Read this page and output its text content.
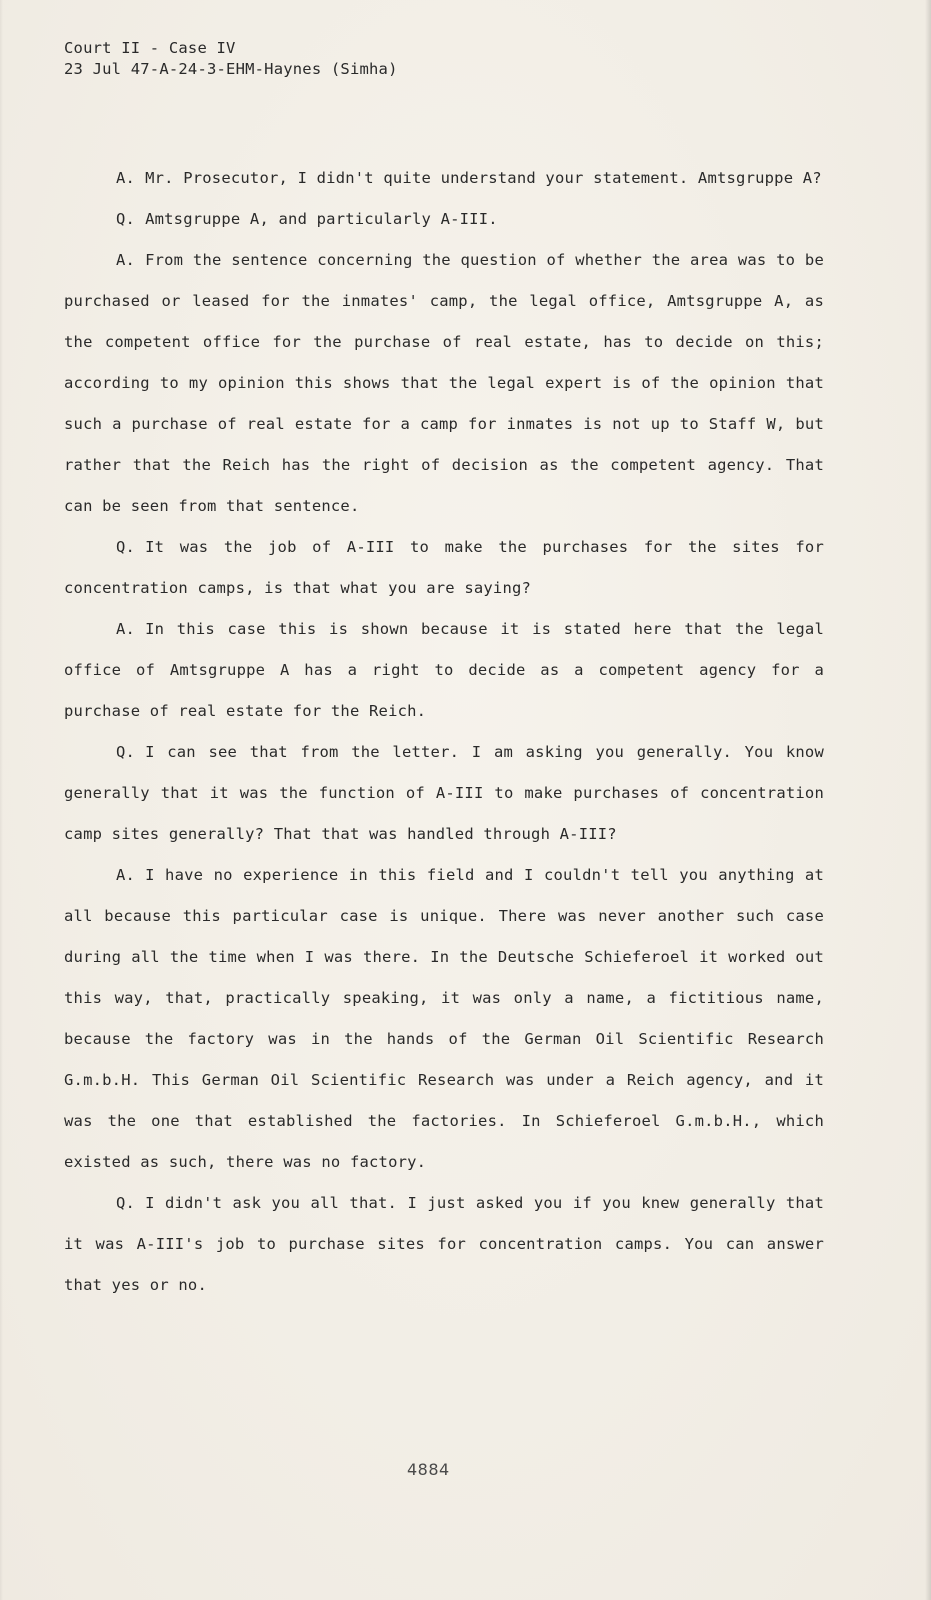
Court II - Case IV
23 Jul 47-A-24-3-EHM-Haynes (Simha)

A. Mr. Prosecutor, I didn't quite understand your statement. Amtsgruppe A?

Q. Amtsgruppe A, and particularly A-III.

A. From the sentence concerning the question of whether the area was to be purchased or leased for the inmates' camp, the legal office, Amtsgruppe A, as the competent office for the purchase of real estate, has to decide on this; according to my opinion this shows that the legal expert is of the opinion that such a purchase of real estate for a camp for inmates is not up to Staff W, but rather that the Reich has the right of decision as the competent agency. That can be seen from that sentence.

Q. It was the job of A-III to make the purchases for the sites for concentration camps, is that what you are saying?

A. In this case this is shown because it is stated here that the legal office of Amtsgruppe A has a right to decide as a competent agency for a purchase of real estate for the Reich.

Q. I can see that from the letter. I am asking you generally. You know generally that it was the function of A-III to make purchases of concentration camp sites generally? That that was handled through A-III?

A. I have no experience in this field and I couldn't tell you anything at all because this particular case is unique. There was never another such case during all the time when I was there. In the Deutsche Schieferoel it worked out this way, that, practically speaking, it was only a name, a fictitious name, because the factory was in the hands of the German Oil Scientific Research G.m.b.H. This German Oil Scientific Research was under a Reich agency, and it was the one that established the factories. In Schieferoel G.m.b.H., which existed as such, there was no factory.

Q. I didn't ask you all that. I just asked you if you knew generally that it was A-III's job to purchase sites for concentration camps. You can answer that yes or no.

4884
